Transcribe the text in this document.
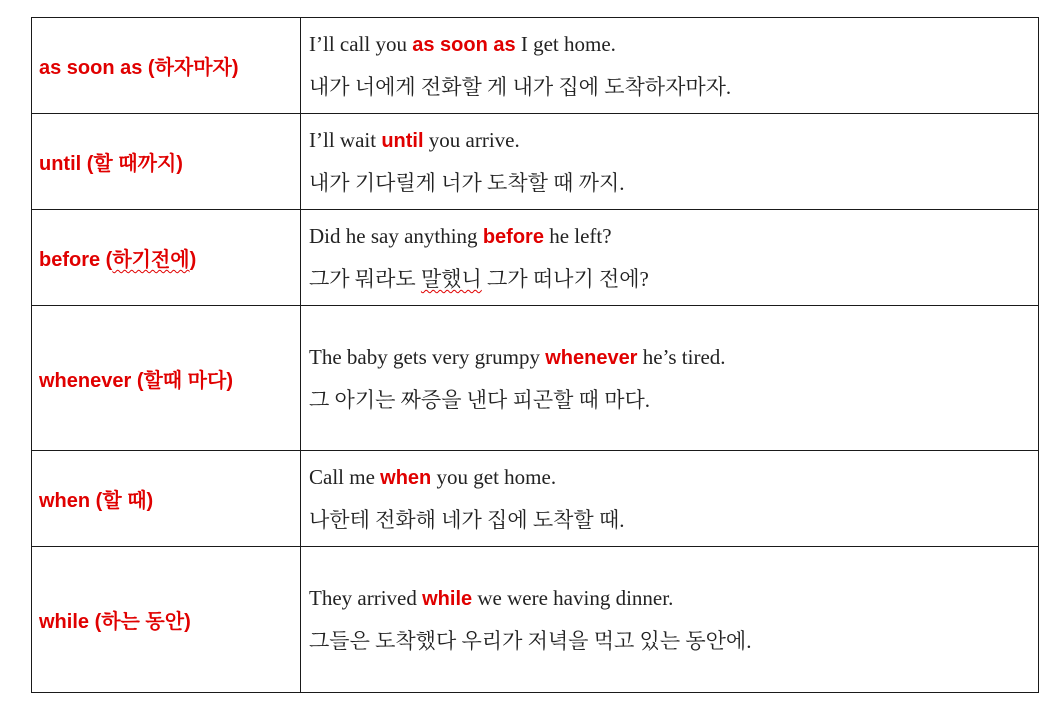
as soon as (하자마자)	I’ll call you as soon as I get home.
내가 너에게 전화할 게 내가 집에 도착하자마자.

until (할 때까지)	I’ll wait until you arrive.
내가 기다릴게 너가 도착할 때 까지.

before (하기전에)	Did he say anything before he left?
그가 뭐라도 말했니 그가 떠나기 전에?

whenever (할때 마다)	The baby gets very grumpy whenever he’s tired.
그 아기는 짜증을 낸다 피곤할 때 마다.

when (할 때)	Call me when you get home.
나한테 전화해 네가 집에 도착할 때.

while (하는 동안)	They arrived while we were having dinner.
그들은 도착했다 우리가 저녁을 먹고 있는 동안에.
